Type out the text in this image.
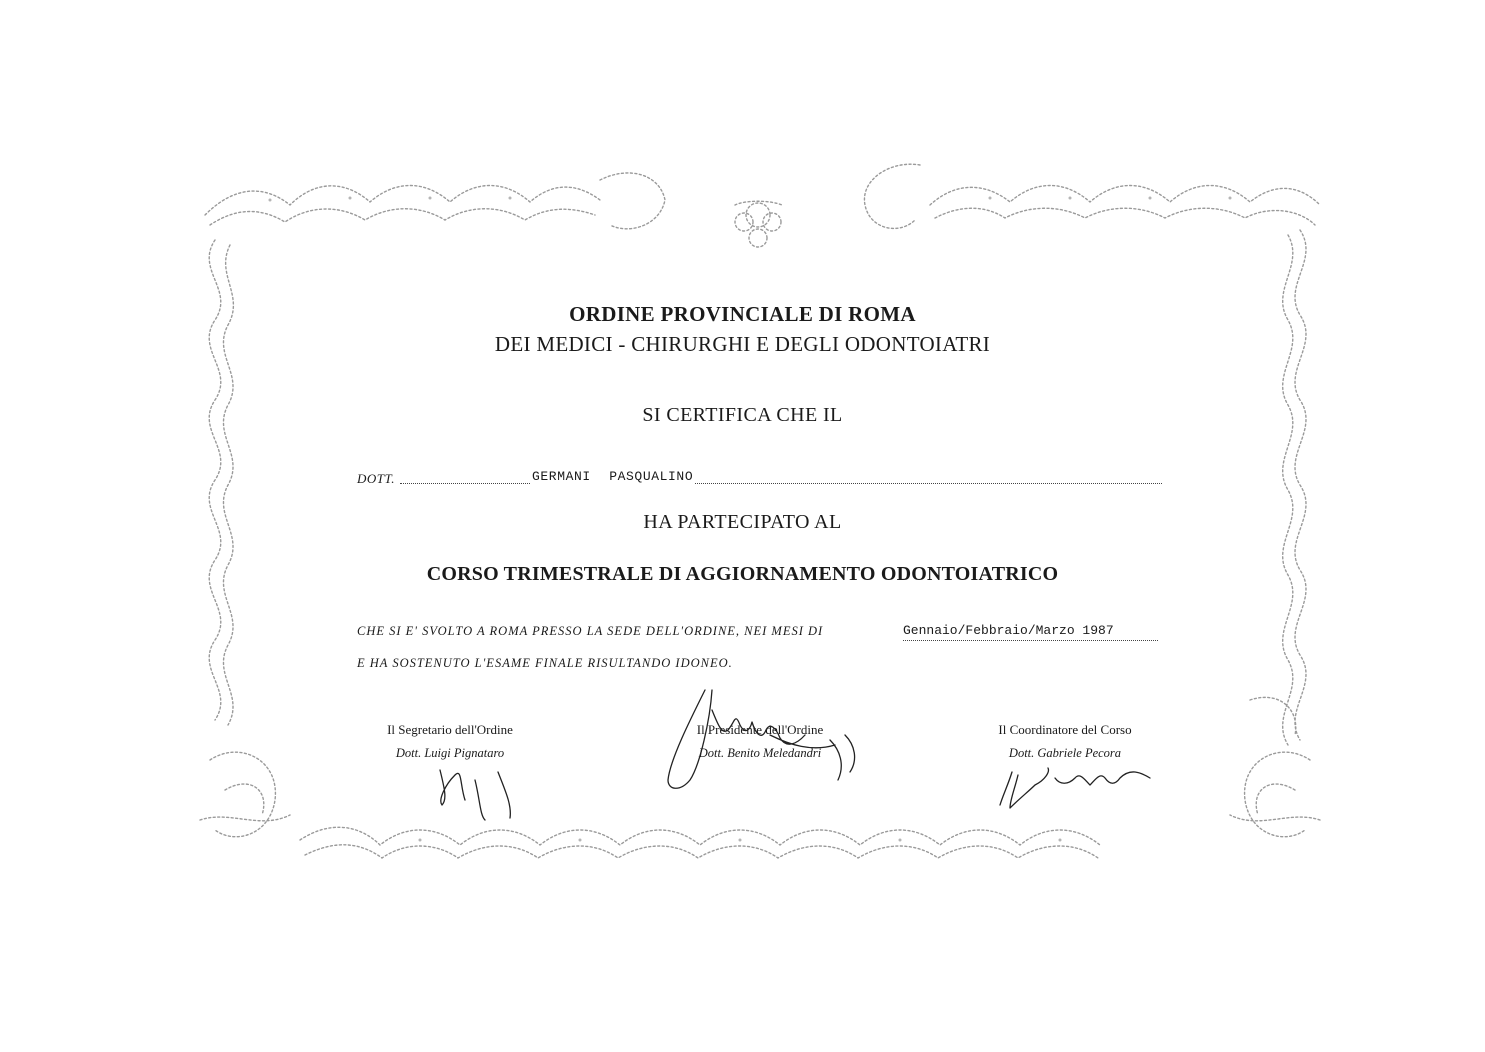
ORDINE PROVINCIALE DI ROMA
DEI MEDICI - CHIRURGHI E DEGLI ODONTOIATRI
SI CERTIFICA CHE IL
DOTT.	GERMANI PASQUALINO
HA PARTECIPATO AL
CORSO TRIMESTRALE DI AGGIORNAMENTO ODONTOIATRICO
CHE SI E' SVOLTO A ROMA PRESSO LA SEDE DELL'ORDINE, NEI MESI DI	Gennaio/Febbraio/Marzo 1987
E HA SOSTENUTO L'ESAME FINALE RISULTANDO IDONEO.
Il Segretario dell'Ordine
Dott. Luigi Pignataro
Il Presidente dell'Ordine
Dott. Benito Meledandri
Il Coordinatore del Corso
Dott. Gabriele Pecora
